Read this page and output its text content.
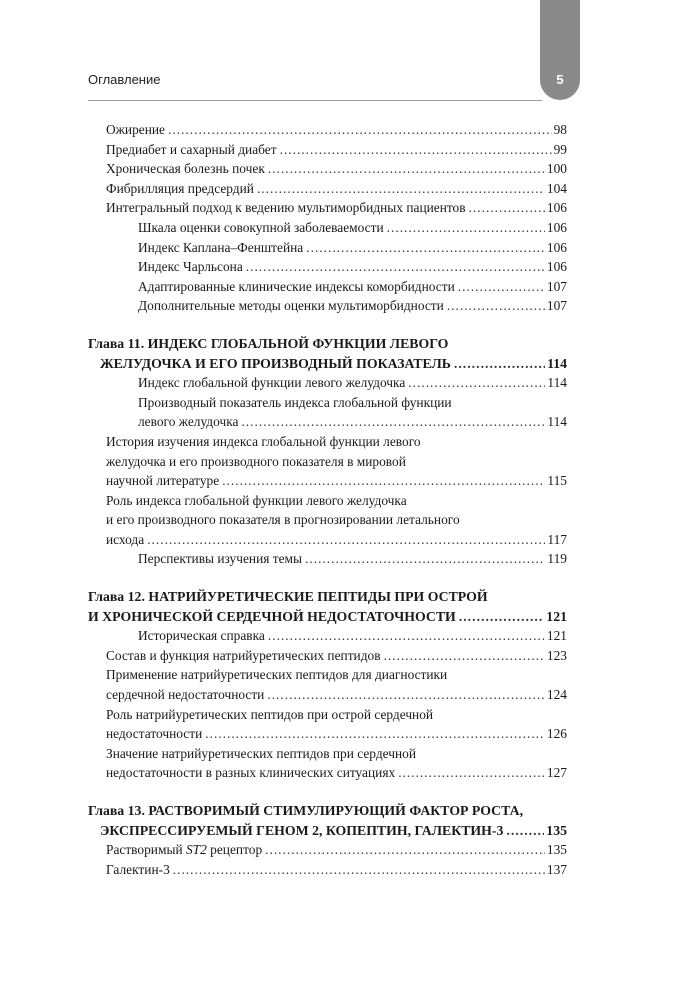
5
Оглавление
Ожирение .....	98
Предиабет и сахарный диабет .....	99
Хроническая болезнь почек .....	100
Фибрилляция предсердий .....	104
Интегральный подход к ведению мультиморбидных пациентов .....	106
Шкала оценки совокупной заболеваемости .....	106
Индекс Каплана–Фенштейна .....	106
Индекс Чарльсона .....	106
Адаптированные клинические индексы коморбидности .....	107
Дополнительные методы оценки мультиморбидности .....	107
Глава 11. ИНДЕКС ГЛОБАЛЬНОЙ ФУНКЦИИ ЛЕВОГО
ЖЕЛУДОЧКА И ЕГО ПРОИЗВОДНЫЙ ПОКАЗАТЕЛЬ .....	114
Индекс глобальной функции левого желудочка .....	114
Производный показатель индекса глобальной функции
левого желудочка .....	114
История изучения индекса глобальной функции левого
желудочка и его производного показателя в мировой
научной литературе .....	115
Роль индекса глобальной функции левого желудочка
и его производного показателя в прогнозировании летального
исхода .....	117
Перспективы изучения темы .....	119
Глава 12. НАТРИЙУРЕТИЧЕСКИЕ ПЕПТИДЫ ПРИ ОСТРОЙ
И ХРОНИЧЕСКОЙ СЕРДЕЧНОЙ НЕДОСТАТОЧНОСТИ .....	121
Историческая справка .....	121
Состав и функция натрийуретических пептидов .....	123
Применение натрийуретических пептидов для диагностики
сердечной недостаточности .....	124
Роль натрийуретических пептидов при острой сердечной
недостаточности .....	126
Значение натрийуретических пептидов при сердечной
недостаточности в разных клинических ситуациях .....	127
Глава 13. РАСТВОРИМЫЙ СТИМУЛИРУЮЩИЙ ФАКТОР РОСТА,
ЭКСПРЕССИРУЕМЫЙ ГЕНОМ 2, КОПЕПТИН, ГАЛЕКТИН-3 .....	135
Растворимый ST2 рецептор .....	135
Галектин-3 .....	137
